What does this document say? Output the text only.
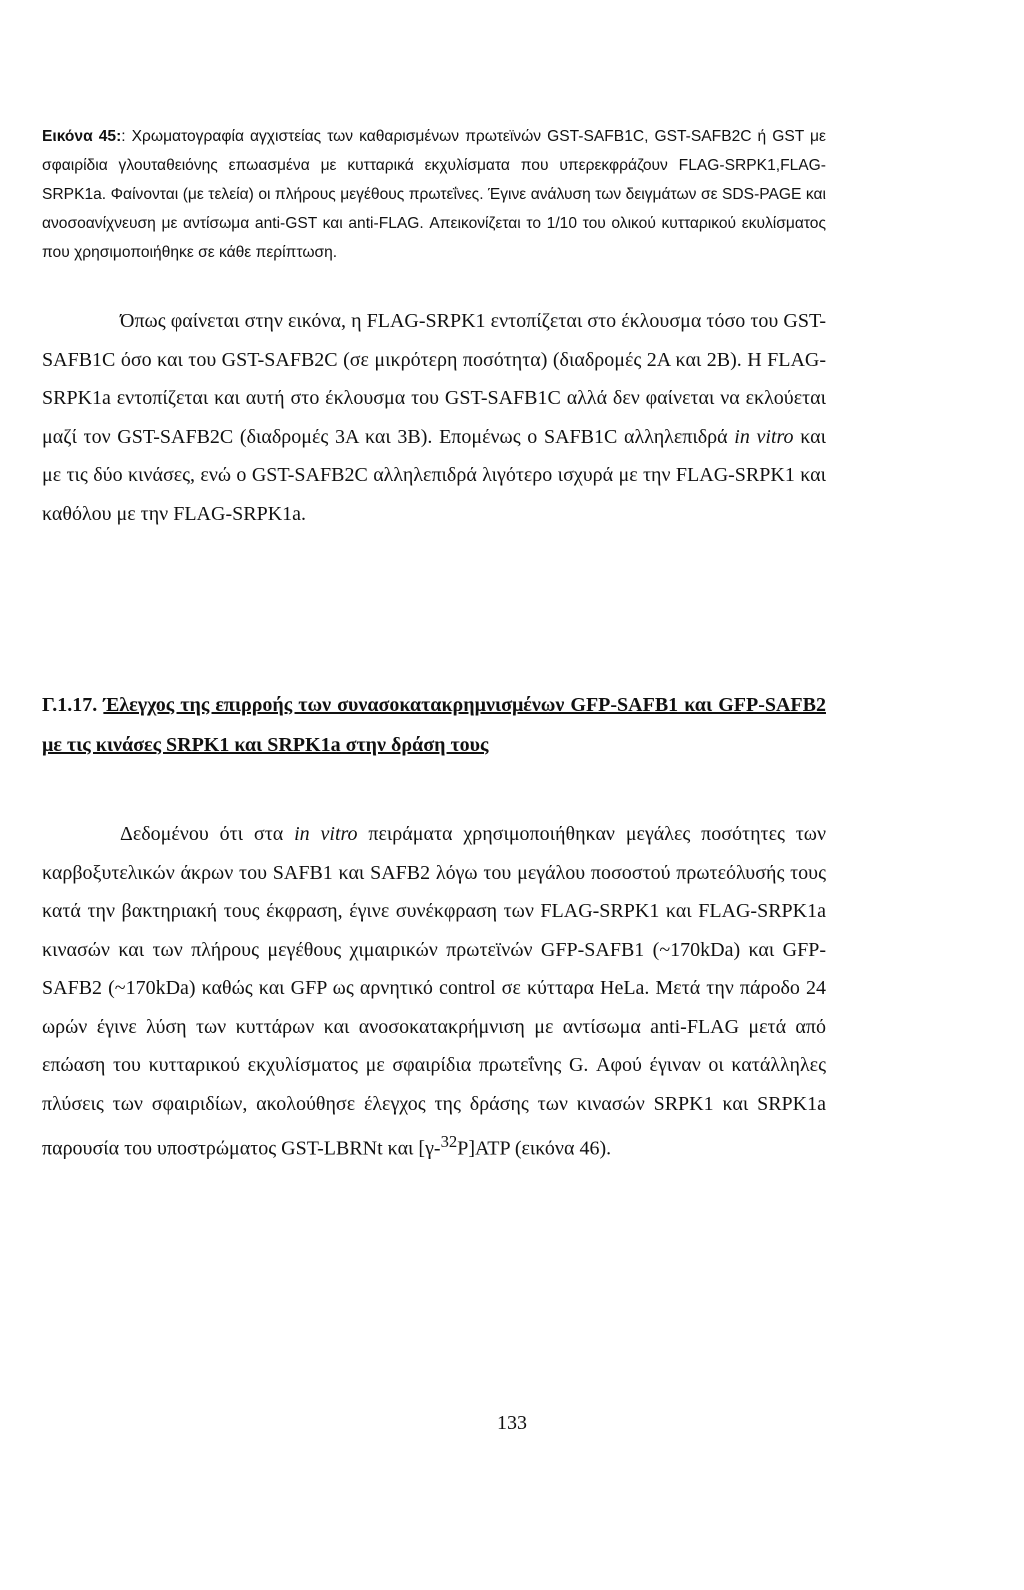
Εικόνα 45:: Χρωματογραφία αγχιστείας των καθαρισμένων πρωτεϊνών GST-SAFB1C, GST-SAFB2C ή GST με σφαιρίδια γλουταθειόνης επωασμένα με κυτταρικά εκχυλίσματα που υπερεκφράζουν FLAG-SRPK1,FLAG-SRPK1a. Φαίνονται (με τελεία) οι πλήρους μεγέθους πρωτεΐνες. Έγινε ανάλυση των δειγμάτων σε SDS-PAGE και ανοσοανίχνευση με αντίσωμα anti-GST και anti-FLAG. Απεικονίζεται το 1/10 του ολικού κυτταρικού εκυλίσματος που χρησιμοποιήθηκε σε κάθε περίπτωση.

Όπως φαίνεται στην εικόνα, η FLAG-SRPK1 εντοπίζεται στο έκλουσμα τόσο του GST-SAFB1C όσο και του GST-SAFB2C (σε μικρότερη ποσότητα) (διαδρομές 2Α και 2Β). Η FLAG-SRPK1a εντοπίζεται και αυτή στο έκλουσμα του GST-SAFB1C αλλά δεν φαίνεται να εκλούεται μαζί τον GST-SAFB2C (διαδρομές 3Α και 3Β). Επομένως ο SAFB1C αλληλεπιδρά in vitro και με τις δύο κινάσες, ενώ ο GST-SAFB2C αλληλεπιδρά λιγότερο ισχυρά με την FLAG-SRPK1 και καθόλου με την FLAG-SRPK1a.

Γ.1.17. Έλεγχος της επιρροής των συνασοκατακρημνισμένων GFP-SAFB1 και GFP-SAFB2 με τις κινάσες SRPK1 και SRPK1a στην δράση τους

Δεδομένου ότι στα in vitro πειράματα χρησιμοποιήθηκαν μεγάλες ποσότητες των καρβοξυτελικών άκρων του SAFB1 και SAFB2 λόγω του μεγάλου ποσοστού πρωτεόλυσής τους κατά την βακτηριακή τους έκφραση, έγινε συνέκφραση των FLAG-SRPK1 και FLAG-SRPK1a κινασών και των πλήρους μεγέθους χιμαιρικών πρωτεϊνών GFP-SAFB1 (~170kDa) και GFP-SAFB2 (~170kDa) καθώς και GFP ως αρνητικό control σε κύτταρα HeLa. Μετά την πάροδο 24 ωρών έγινε λύση των κυττάρων και ανοσοκατακρήμνιση με αντίσωμα anti-FLAG μετά από επώαση του κυτταρικού εκχυλίσματος με σφαιρίδια πρωτεΐνης G. Αφού έγιναν οι κατάλληλες πλύσεις των σφαιριδίων, ακολούθησε έλεγχος της δράσης των κινασών SRPK1 και SRPK1a παρουσία του υποστρώματος GST-LBRNt και [γ-$^{32}$P]ATP (εικόνα 46).

133
